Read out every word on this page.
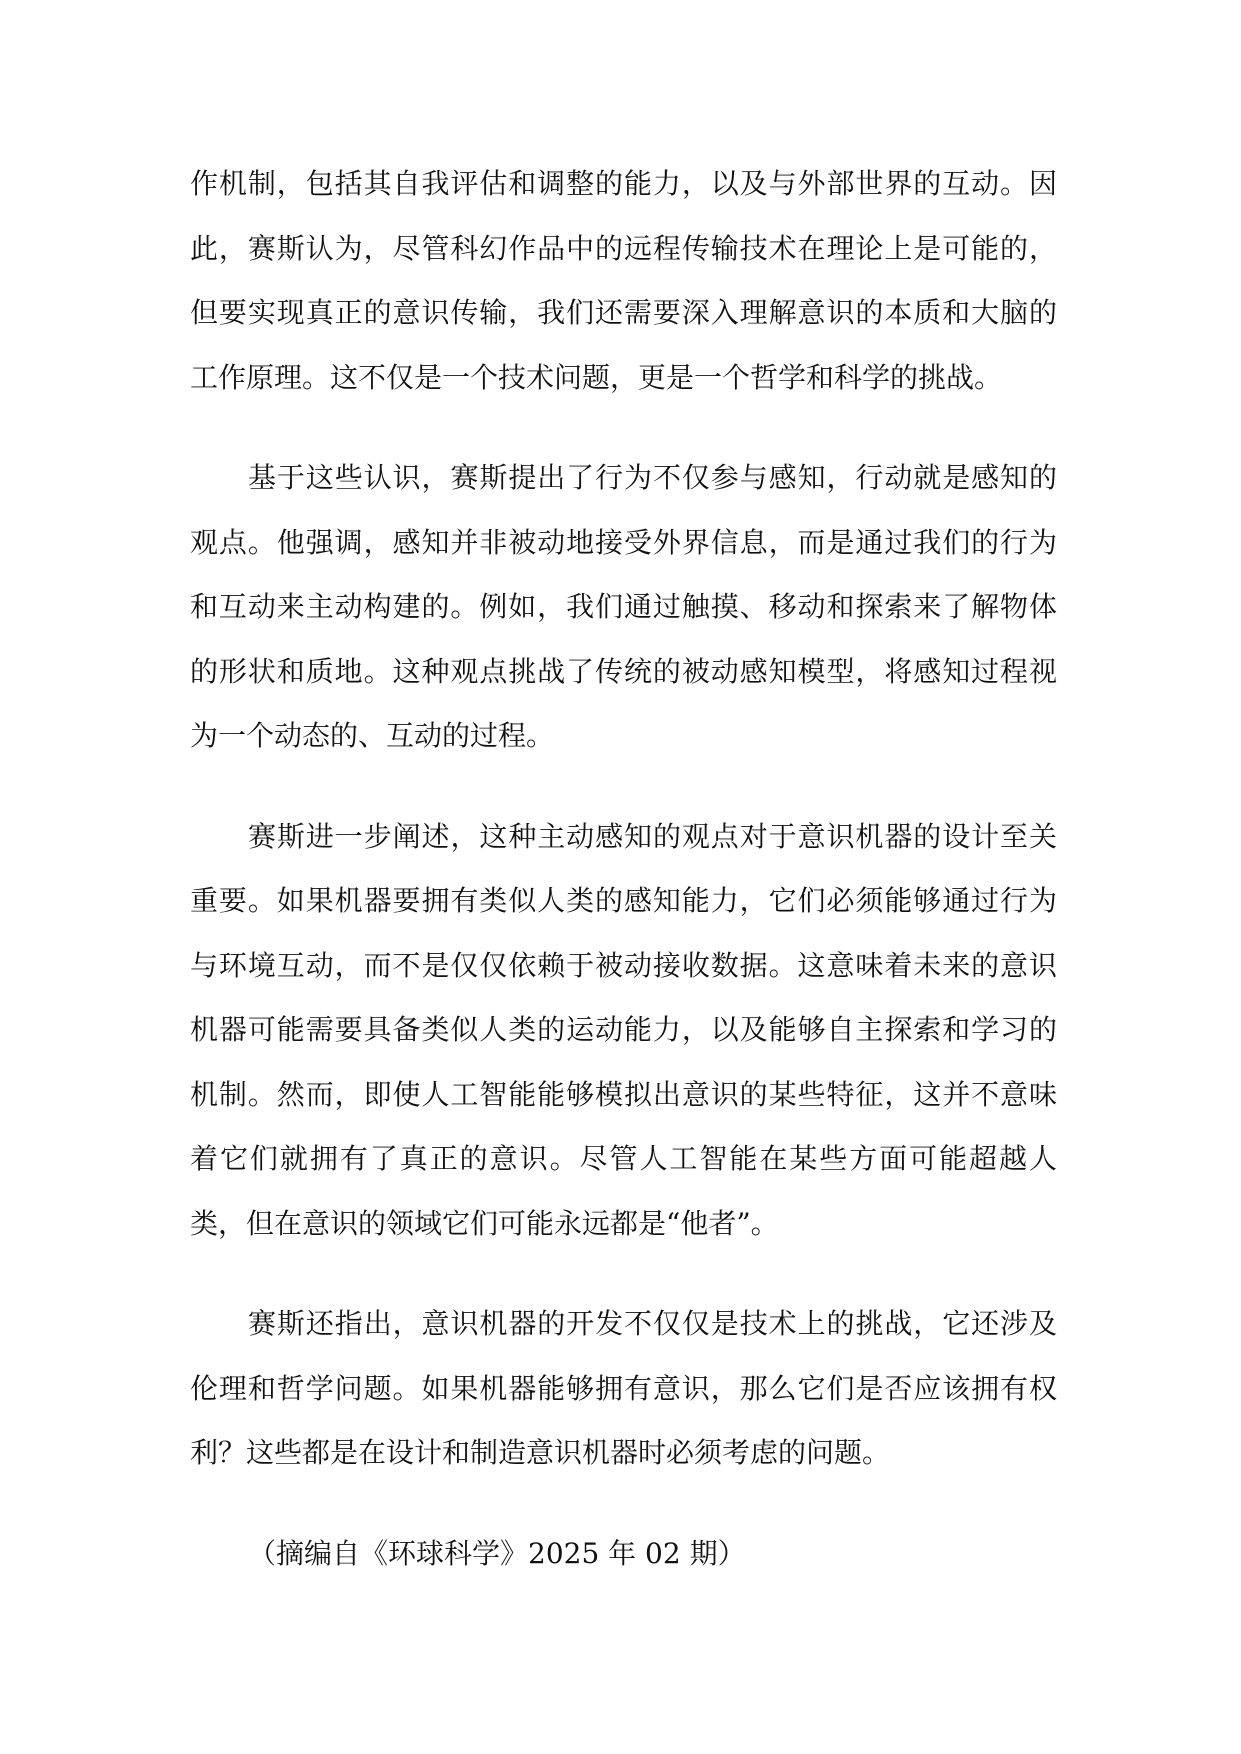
作机制，包括其自我评估和调整的能力，以及与外部世界的互动。因此，赛斯认为，尽管科幻作品中的远程传输技术在理论上是可能的，但要实现真正的意识传输，我们还需要深入理解意识的本质和大脑的工作原理。这不仅是一个技术问题，更是一个哲学和科学的挑战。

基于这些认识，赛斯提出了行为不仅参与感知，行动就是感知的观点。他强调，感知并非被动地接受外界信息，而是通过我们的行为和互动来主动构建的。例如，我们通过触摸、移动和探索来了解物体的形状和质地。这种观点挑战了传统的被动感知模型，将感知过程视为一个动态的、互动的过程。

赛斯进一步阐述，这种主动感知的观点对于意识机器的设计至关重要。如果机器要拥有类似人类的感知能力，它们必须能够通过行为与环境互动，而不是仅仅依赖于被动接收数据。这意味着未来的意识机器可能需要具备类似人类的运动能力，以及能够自主探索和学习的机制。然而，即使人工智能能够模拟出意识的某些特征，这并不意味着它们就拥有了真正的意识。尽管人工智能在某些方面可能超越人类，但在意识的领域它们可能永远都是“他者”。

赛斯还指出，意识机器的开发不仅仅是技术上的挑战，它还涉及伦理和哲学问题。如果机器能够拥有意识，那么它们是否应该拥有权利？这些都是在设计和制造意识机器时必须考虑的问题。

（摘编自《环球科学》2025 年 02 期）
